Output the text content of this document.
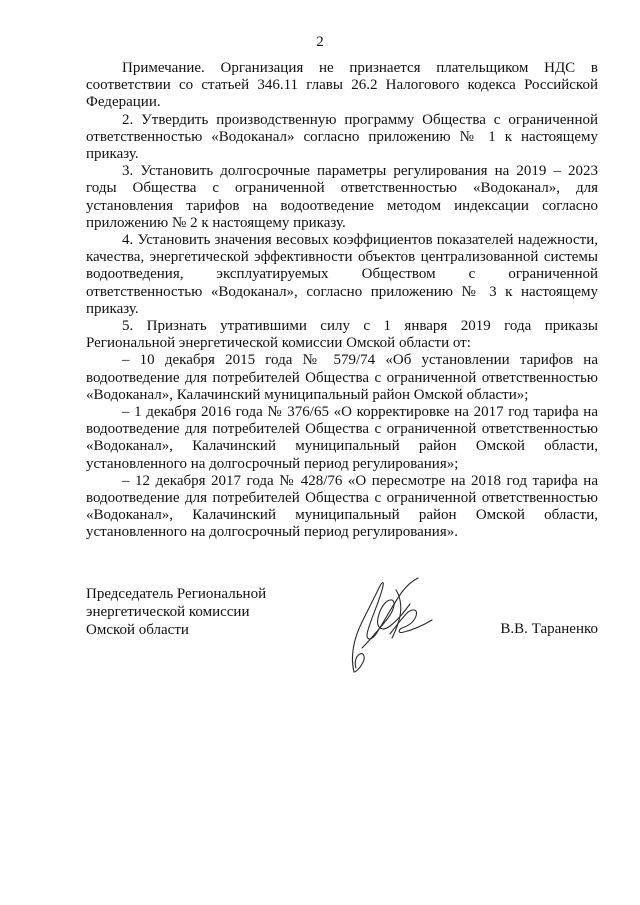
2

Примечание. Организация не признается плательщиком НДС в соответствии со статьей 346.11 главы 26.2 Налогового кодекса Российской Федерации.

2. Утвердить производственную программу Общества с ограниченной ответственностью «Водоканал» согласно приложению № 1 к настоящему приказу.

3. Установить долгосрочные параметры регулирования на 2019 – 2023 годы Общества с ограниченной ответственностью «Водоканал», для установления тарифов на водоотведение методом индексации согласно приложению № 2 к настоящему приказу.

4. Установить значения весовых коэффициентов показателей надежности, качества, энергетической эффективности объектов централизованной системы водоотведения, эксплуатируемых Обществом с ограниченной ответственностью «Водоканал», согласно приложению № 3 к настоящему приказу.

5. Признать утратившими силу с 1 января 2019 года приказы Региональной энергетической комиссии Омской области от:

– 10 декабря 2015 года № 579/74 «Об установлении тарифов на водоотведение для потребителей Общества с ограниченной ответственностью «Водоканал», Калачинский муниципальный район Омской области»;

– 1 декабря 2016 года № 376/65 «О корректировке на 2017 год тарифа на водоотведение для потребителей Общества с ограниченной ответственностью «Водоканал», Калачинский муниципальный район Омской области, установленного на долгосрочный период регулирования»;

– 12 декабря 2017 года № 428/76 «О пересмотре на 2018 год тарифа на водоотведение для потребителей Общества с ограниченной ответственностью «Водоканал», Калачинский муниципальный район Омской области, установленного на долгосрочный период регулирования».

Председатель Региональной
энергетической комиссии
Омской области	В.В. Тараненко
